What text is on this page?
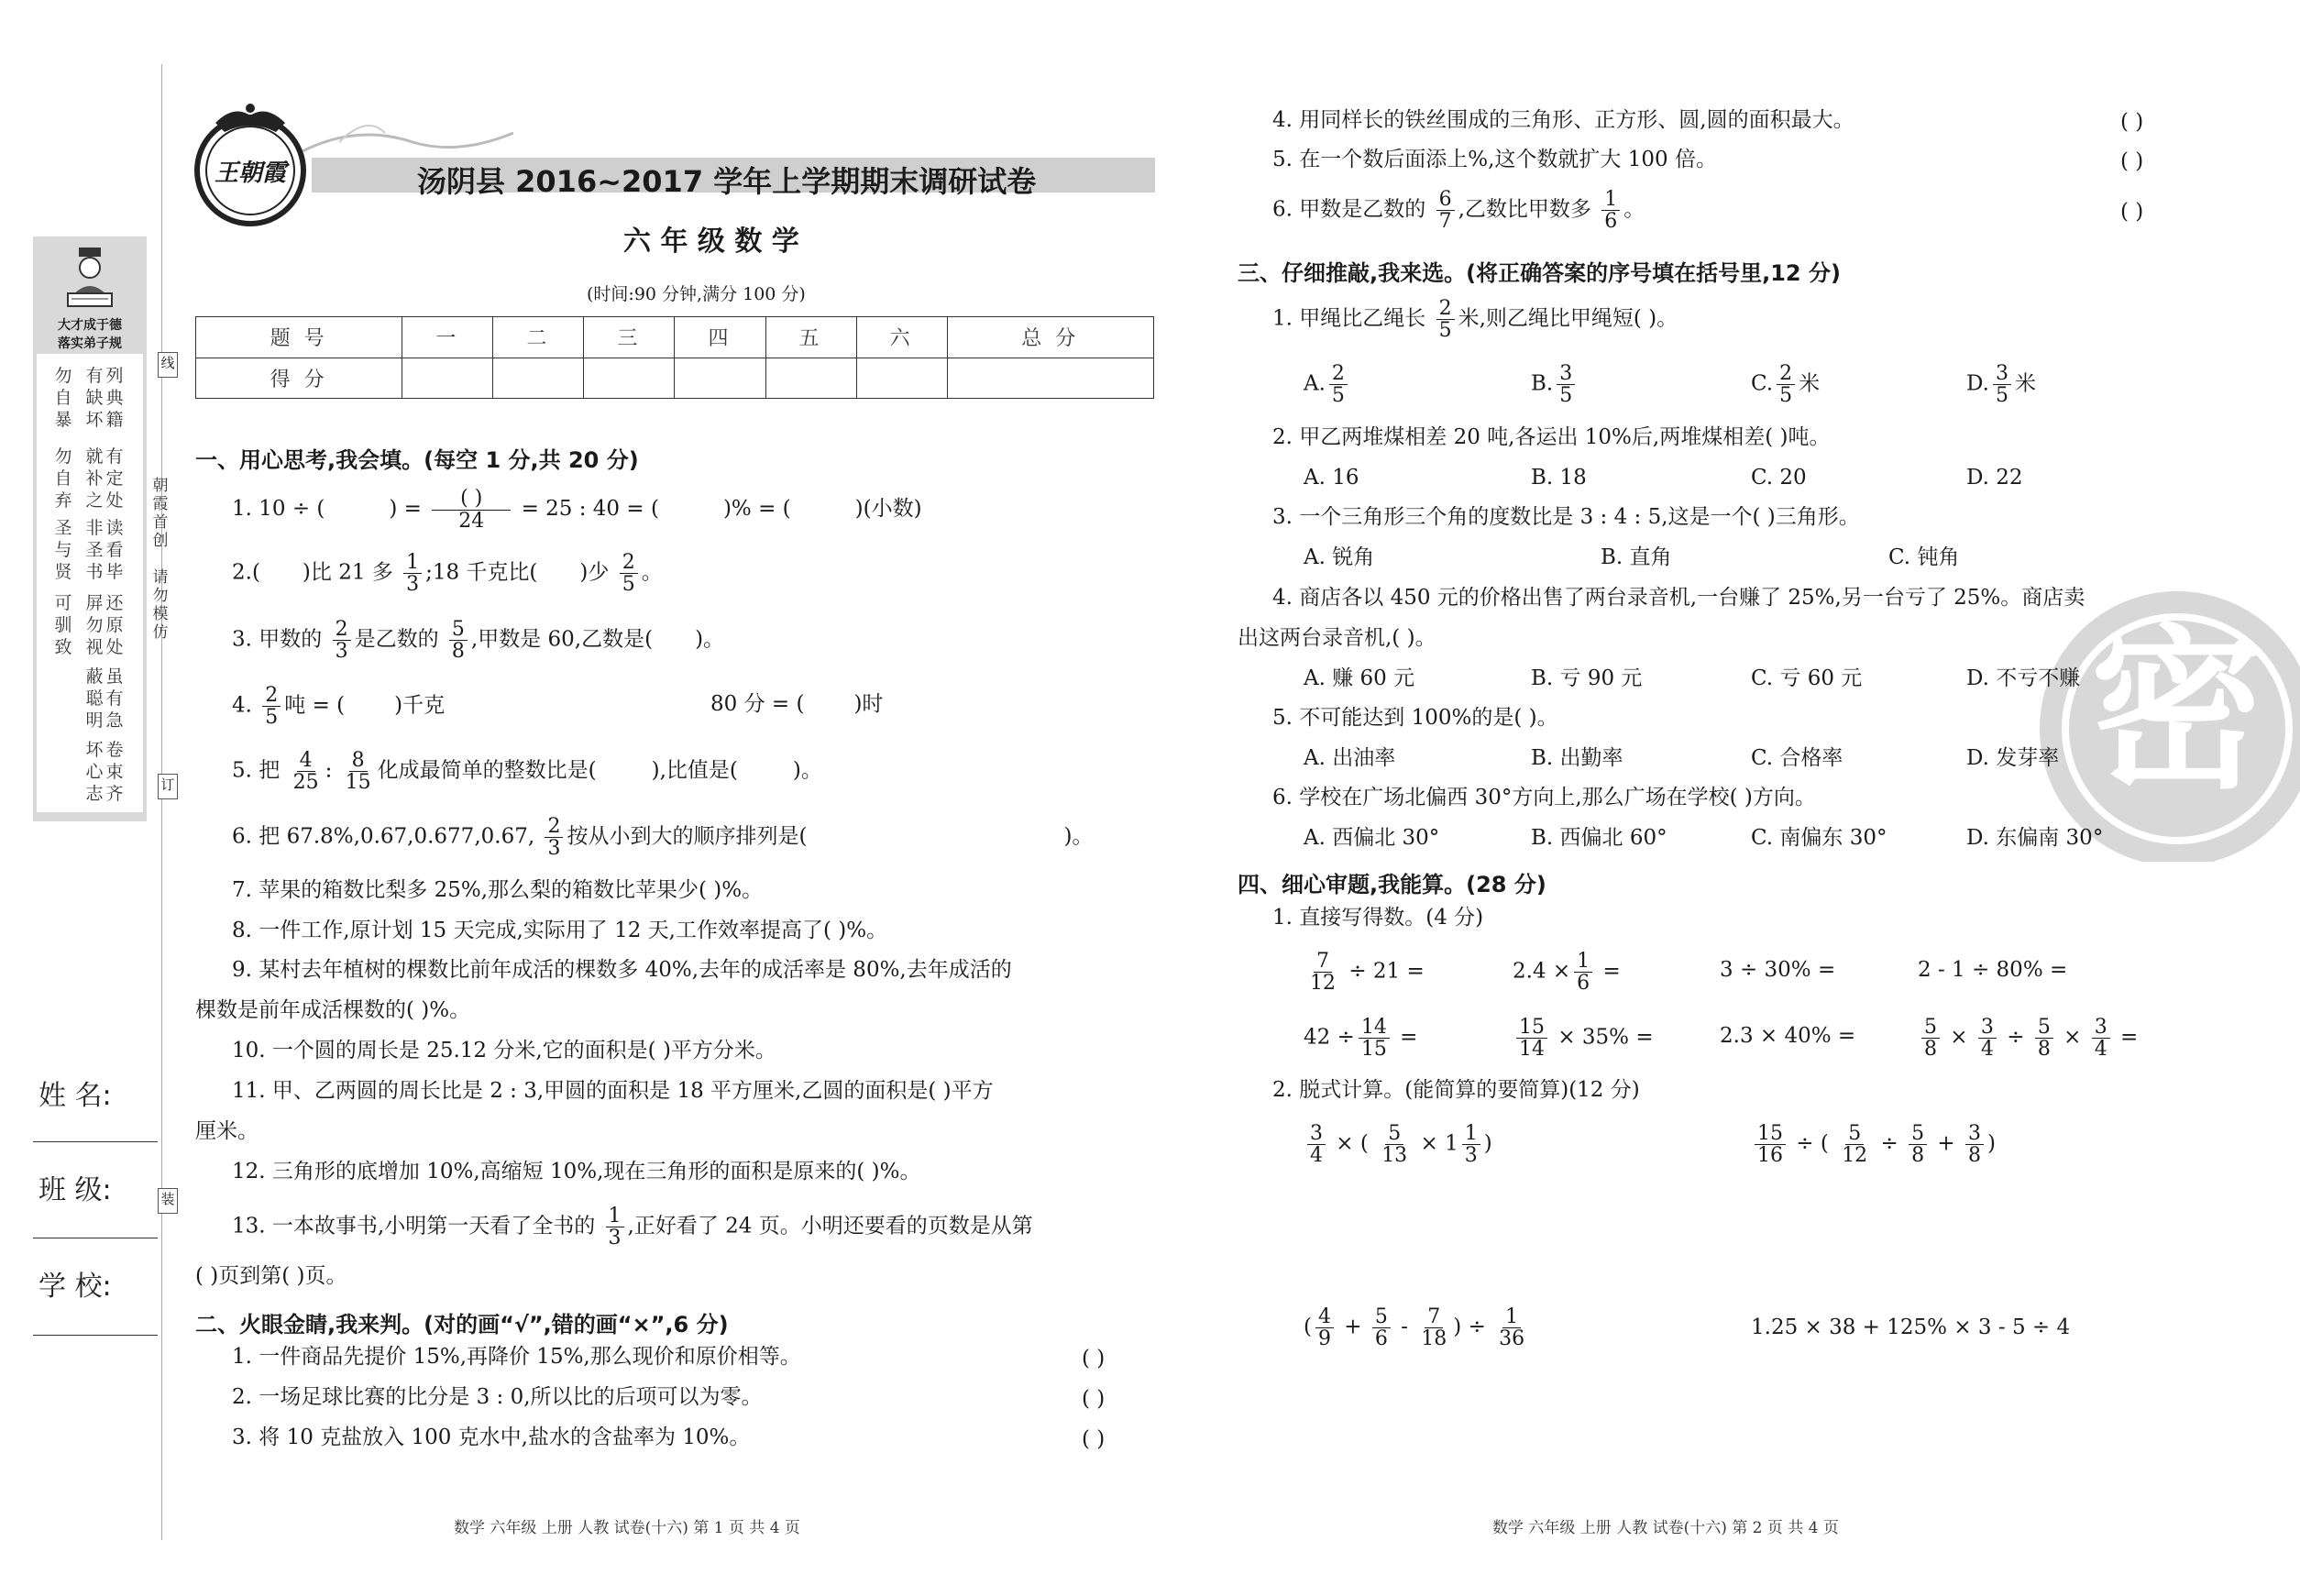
大才成于德
落实弟子规
列典籍
有缺坏
勿自暴
有定处
就补之
勿自弃
读看毕
非圣书
圣与贤
还原处
屏勿视
可驯致
虽有急
蔽聪明
卷束齐
坏心志
朝霞首创
请勿模仿
线
订
装
姓 名:
班 级:
学 校:
王朝霞	汤阴县 2016~2017 学年上学期期末调研试卷
六 年 级 数 学
(时间:90 分钟,满分 100 分)
题 号	一	二	三	四	五	六	总 分
得 分							
一、用心思考,我会填。(每空 1 分,共 20 分)
1. 10 ÷ (	) = $\frac{( )}{24} = 25$ : 40 = (	)% = (	)(小数)
2.( )比 21 多 $\frac{1}{3}$ ;18 千克比( )少 $\frac{2}{5}$ 。
3. 甲数的 $\frac{2}{3}$ 是乙数的 $\frac{5}{8}$ ,甲数是 60,乙数是( )。
4. $\frac{2}{5}$ 吨 = ( )千克	80 分 = ( )时
5. 把 $\frac{4}{25}$ : $\frac{8}{15}$ 化成最简单的整数比是(	),比值是(	)。
6. 把 67.8%,0.67,0.677,0.67, $\frac{2}{3}$ 按从小到大的顺序排列是(	)。
7. 苹果的箱数比梨多 25%,那么梨的箱数比苹果少( )%。
8. 一件工作,原计划 15 天完成,实际用了 12 天,工作效率提高了( )%。
9. 某村去年植树的棵数比前年成活的棵数多 40%,去年的成活率是 80%,去年成活的
棵数是前年成活棵数的( )%。
10. 一个圆的周长是 25.12 分米,它的面积是( )平方分米。
11. 甲、乙两圆的周长比是 2 : 3,甲圆的面积是 18 平方厘米,乙圆的面积是( )平方
厘米。
12. 三角形的底增加 10%,高缩短 10%,现在三角形的面积是原来的( )%。
13. 一本故事书,小明第一天看了全书的 $\frac{1}{3}$ ,正好看了 24 页。小明还要看的页数是从第
( )页到第( )页。
二、火眼金睛,我来判。(对的画“√”,错的画“×”,6 分)
1. 一件商品先提价 15%,再降价 15%,那么现价和原价相等。	( )
2. 一场足球比赛的比分是 3 : 0,所以比的后项可以为零。	( )
3. 将 10 克盐放入 100 克水中,盐水的含盐率为 10%。	( )
数学 六年级 上册 人教 试卷(十六) 第 1 页 共 4 页
密
4. 用同样长的铁丝围成的三角形、正方形、圆,圆的面积最大。	( )
5. 在一个数后面添上%,这个数就扩大 100 倍。	( )
6. 甲数是乙数的 $\frac{6}{7}$ ,乙数比甲数多 $\frac{1}{6}$ 。	( )
三、仔细推敲,我来选。(将正确答案的序号填在括号里,12 分)
1. 甲绳比乙绳长 $\frac{2}{5}$ 米,则乙绳比甲绳短( )。
A. $\frac{2}{5}$	B. $\frac{3}{5}$	C. $\frac{2}{5}$ 米	D. $\frac{3}{5}$ 米
2. 甲乙两堆煤相差 20 吨,各运出 10%后,两堆煤相差( )吨。
A. 16	B. 18	C. 20	D. 22
3. 一个三角形三个角的度数比是 3 : 4 : 5,这是一个( )三角形。
A. 锐角	B. 直角	C. 钝角
4. 商店各以 450 元的价格出售了两台录音机,一台赚了 25%,另一台亏了 25%。商店卖
出这两台录音机,( )。
A. 赚 60 元	B. 亏 90 元	C. 亏 60 元	D. 不亏不赚
5. 不可能达到 100%的是( )。
A. 出油率	B. 出勤率	C. 合格率	D. 发芽率
6. 学校在广场北偏西 30°方向上,那么广场在学校( )方向。
A. 西偏北 30°	B. 西偏北 60°	C. 南偏东 30°	D. 东偏南 30°
四、细心审题,我能算。(28 分)
1. 直接写得数。(4 分)
$\frac{7}{12} \div 21$ =	$2.4 \times \frac{1}{6}$ =	3 ÷ 30% =	2 - 1 ÷ 80% =
$42 \div \frac{14}{15}$ =	$\frac{15}{14} \times 35\%$ =	2.3 × 40% =	$\frac{5}{8} \times \frac{3}{4} \div \frac{5}{8} \times \frac{3}{4}$ =
2. 脱式计算。(能简算的要简算)(12 分)
$\frac{3}{4}$ × ( $\frac{5}{13} \times 1 \frac{1}{3}$ )	$\frac{15}{16}$ ÷ ( $\frac{5}{12} \div \frac{5}{8} + \frac{3}{8}$ )
( $\frac{4}{9} + \frac{5}{6} - \frac{7}{18}$ ) ÷ $\frac{1}{36}$	1.25 × 38 + 125% × 3 - 5 ÷ 4
数学 六年级 上册 人教 试卷(十六) 第 2 页 共 4 页
